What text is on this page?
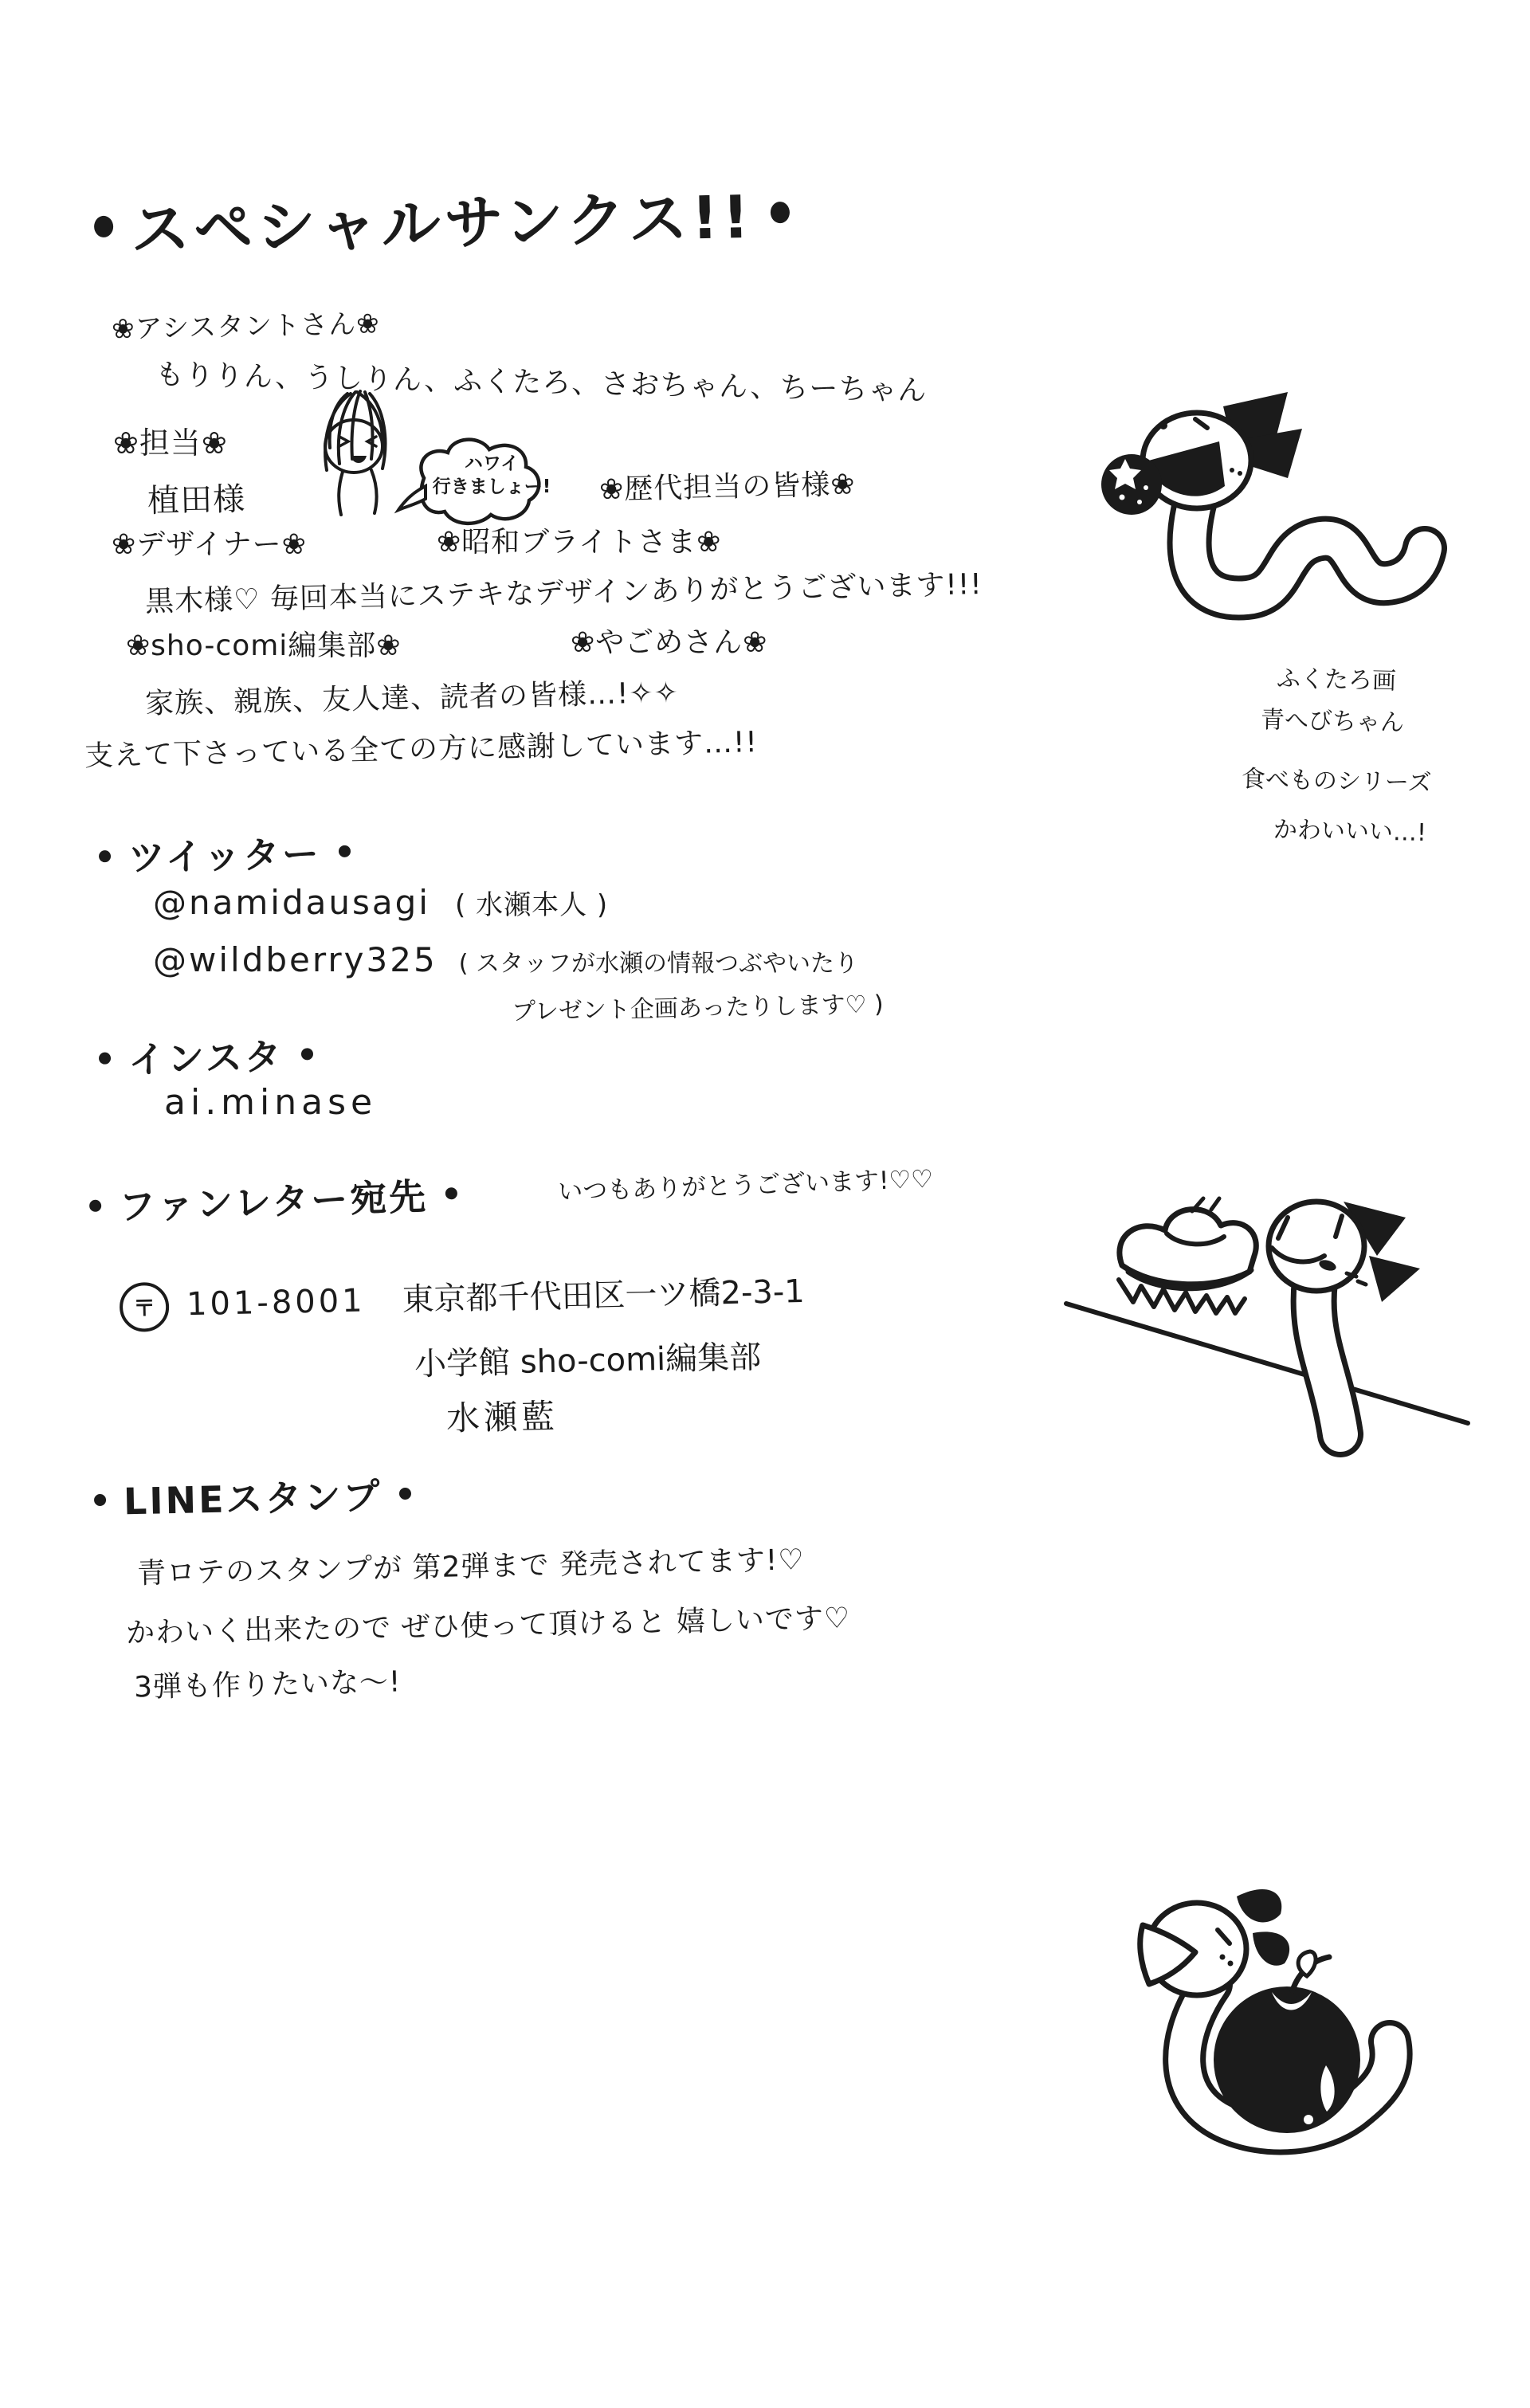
スペシャルサンクス!!
❀アシスタントさん❀
もりりん、うしりん、ふくたろ、さおちゃん、ちーちゃん
❀担当❀
植田様
ハワイ
行きましょー!	❀歴代担当の皆様❀
❀デザイナー❀	❀昭和ブライトさま❀
黒木様♡ 毎回本当にステキなデザインありがとうございます!!!
❀sho-comi編集部❀	❀やごめさん❀
家族、親族、友人達、読者の皆様…!✧✧
支えて下さっている全ての方に感謝しています…!!
ツイッター
@namidausagi ( 水瀬本人 )
@wildberry325 ( スタッフが水瀬の情報つぶやいたり
プレゼント企画あったりします♡ )
インスタ
ai.minase
ファンレター宛先	いつもありがとうございます!♡♡
〒 101-8001 東京都千代田区一ツ橋2-3-1
小学館 sho-comi編集部
水瀬藍
LINEスタンプ
青ロテのスタンプが 第2弾まで 発売されてます!♡
かわいく出来たので ぜひ使って頂けると 嬉しいです♡
3弾も作りたいな〜!
ふくたろ画
青へびちゃん
食べものシリーズ
かわいいい…!
